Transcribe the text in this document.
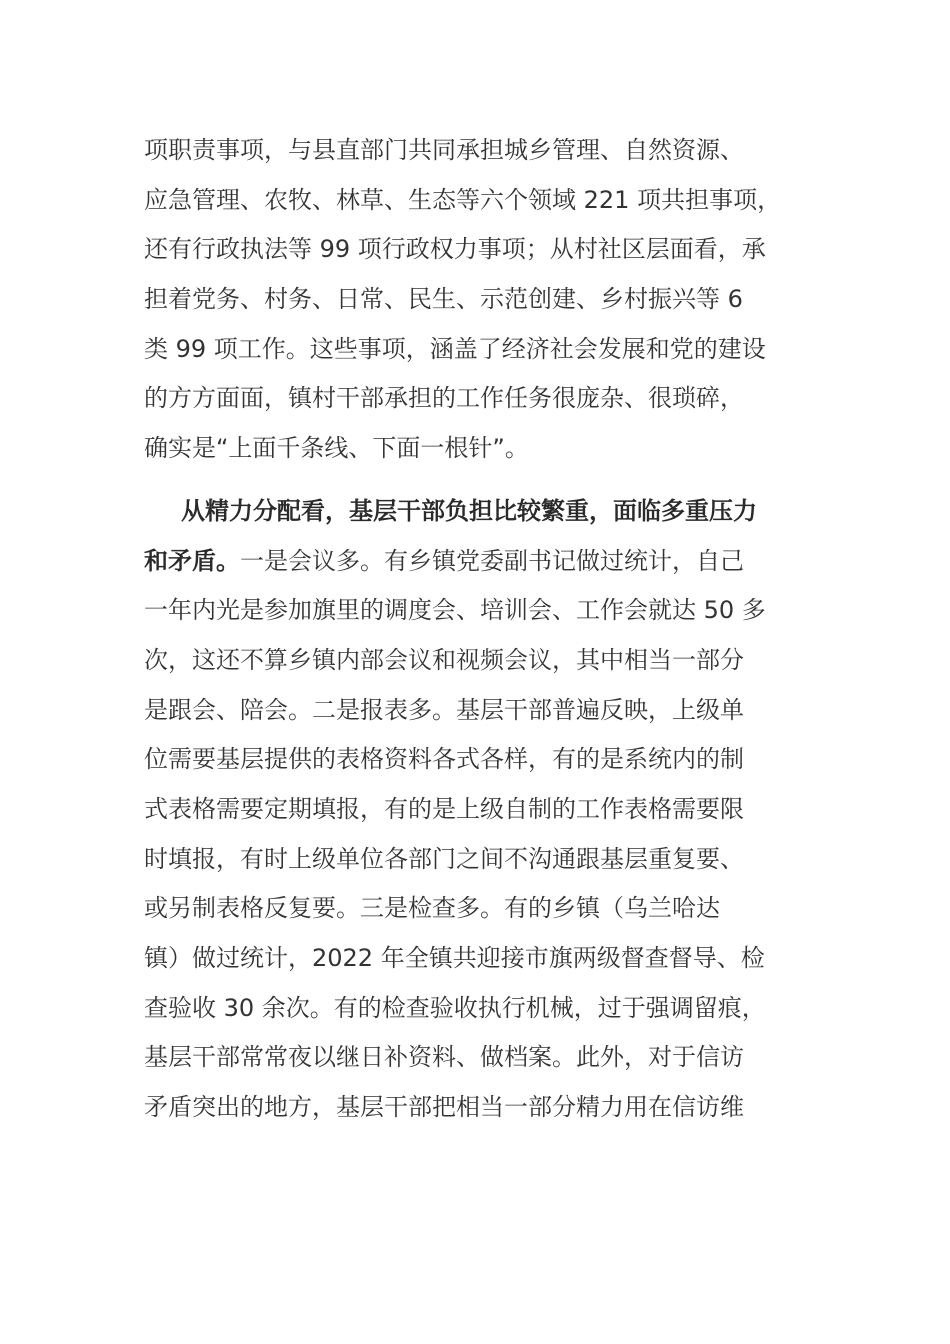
项职责事项，与县直部门共同承担城乡管理、自然资源、
应急管理、农牧、林草、生态等六个领域 221 项共担事项，
还有行政执法等 99 项行政权力事项；从村社区层面看，承
担着党务、村务、日常、民生、示范创建、乡村振兴等 6
类 99 项工作。这些事项，涵盖了经济社会发展和党的建设
的方方面面，镇村干部承担的工作任务很庞杂、很琐碎，
确实是“上面千条线、下面一根针”。
从精力分配看，基层干部负担比较繁重，面临多重压力
和矛盾。一是会议多。有乡镇党委副书记做过统计，自己
一年内光是参加旗里的调度会、培训会、工作会就达 50 多
次，这还不算乡镇内部会议和视频会议，其中相当一部分
是跟会、陪会。二是报表多。基层干部普遍反映，上级单
位需要基层提供的表格资料各式各样，有的是系统内的制
式表格需要定期填报，有的是上级自制的工作表格需要限
时填报，有时上级单位各部门之间不沟通跟基层重复要、
或另制表格反复要。三是检查多。有的乡镇（乌兰哈达
镇）做过统计，2022 年全镇共迎接市旗两级督查督导、检
查验收 30 余次。有的检查验收执行机械，过于强调留痕，
基层干部常常夜以继日补资料、做档案。此外，对于信访
矛盾突出的地方，基层干部把相当一部分精力用在信访维
